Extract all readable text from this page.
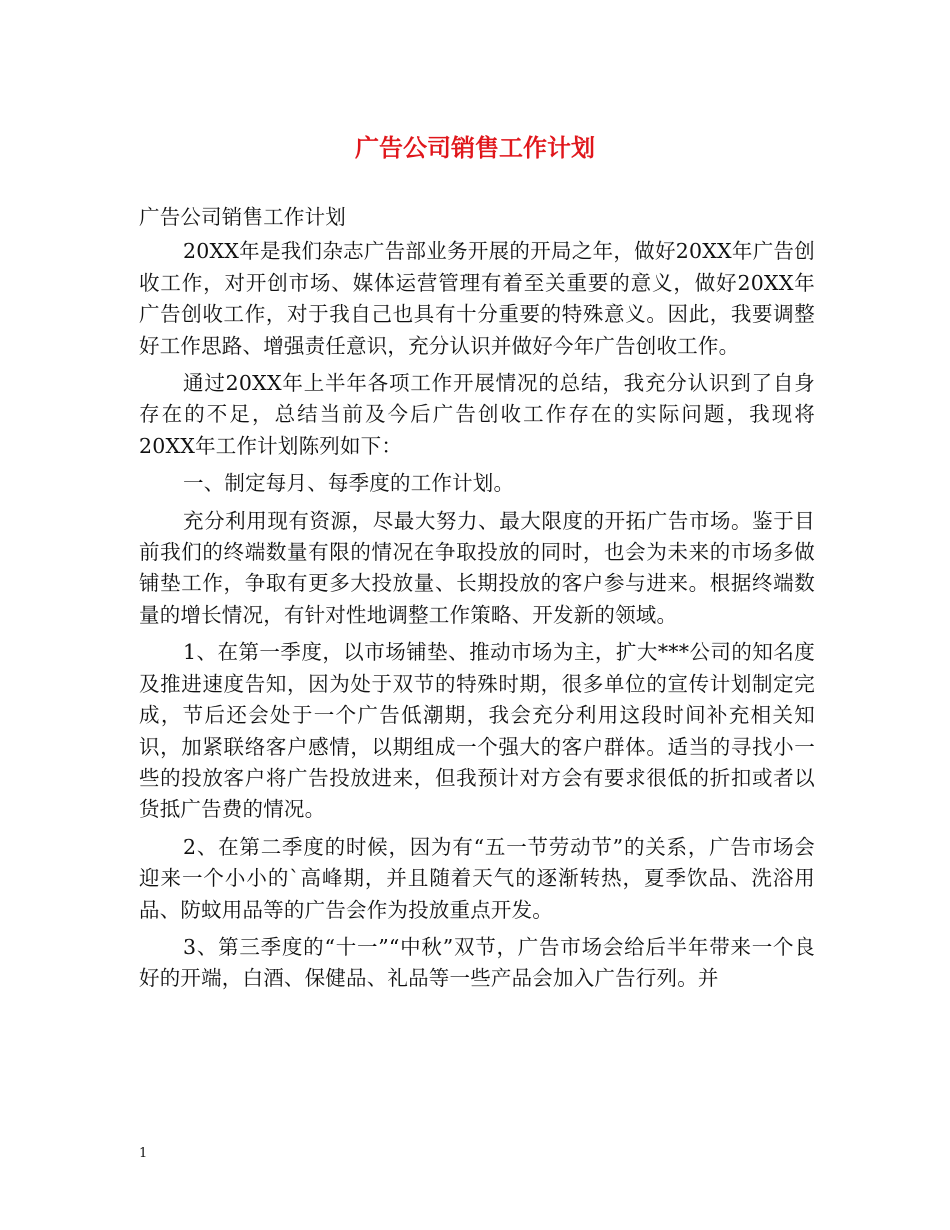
广告公司销售工作计划

广告公司销售工作计划

20XX年是我们杂志广告部业务开展的开局之年，做好20XX年广告创收工作，对开创市场、媒体运营管理有着至关重要的意义，做好20XX年广告创收工作，对于我自己也具有十分重要的特殊意义。因此，我要调整好工作思路、增强责任意识，充分认识并做好今年广告创收工作。

通过20XX年上半年各项工作开展情况的总结，我充分认识到了自身存在的不足，总结当前及今后广告创收工作存在的实际问题，我现将20XX年工作计划陈列如下：

一、制定每月、每季度的工作计划。

充分利用现有资源，尽最大努力、最大限度的开拓广告市场。鉴于目前我们的终端数量有限的情况在争取投放的同时，也会为未来的市场多做铺垫工作，争取有更多大投放量、长期投放的客户参与进来。根据终端数量的增长情况，有针对性地调整工作策略、开发新的领域。

1、在第一季度，以市场铺垫、推动市场为主，扩大***公司的知名度及推进速度告知，因为处于双节的特殊时期，很多单位的宣传计划制定完成，节后还会处于一个广告低潮期，我会充分利用这段时间补充相关知识，加紧联络客户感情，以期组成一个强大的客户群体。适当的寻找小一些的投放客户将广告投放进来，但我预计对方会有要求很低的折扣或者以货抵广告费的情况。

2、在第二季度的时候，因为有“五一节劳动节”的关系，广告市场会迎来一个小小的`高峰期，并且随着天气的逐渐转热，夏季饮品、洗浴用品、防蚊用品等的广告会作为投放重点开发。

3、第三季度的“十一”“中秋”双节，广告市场会给后半年带来一个良好的开端，白酒、保健品、礼品等一些产品会加入广告行列。并

1
